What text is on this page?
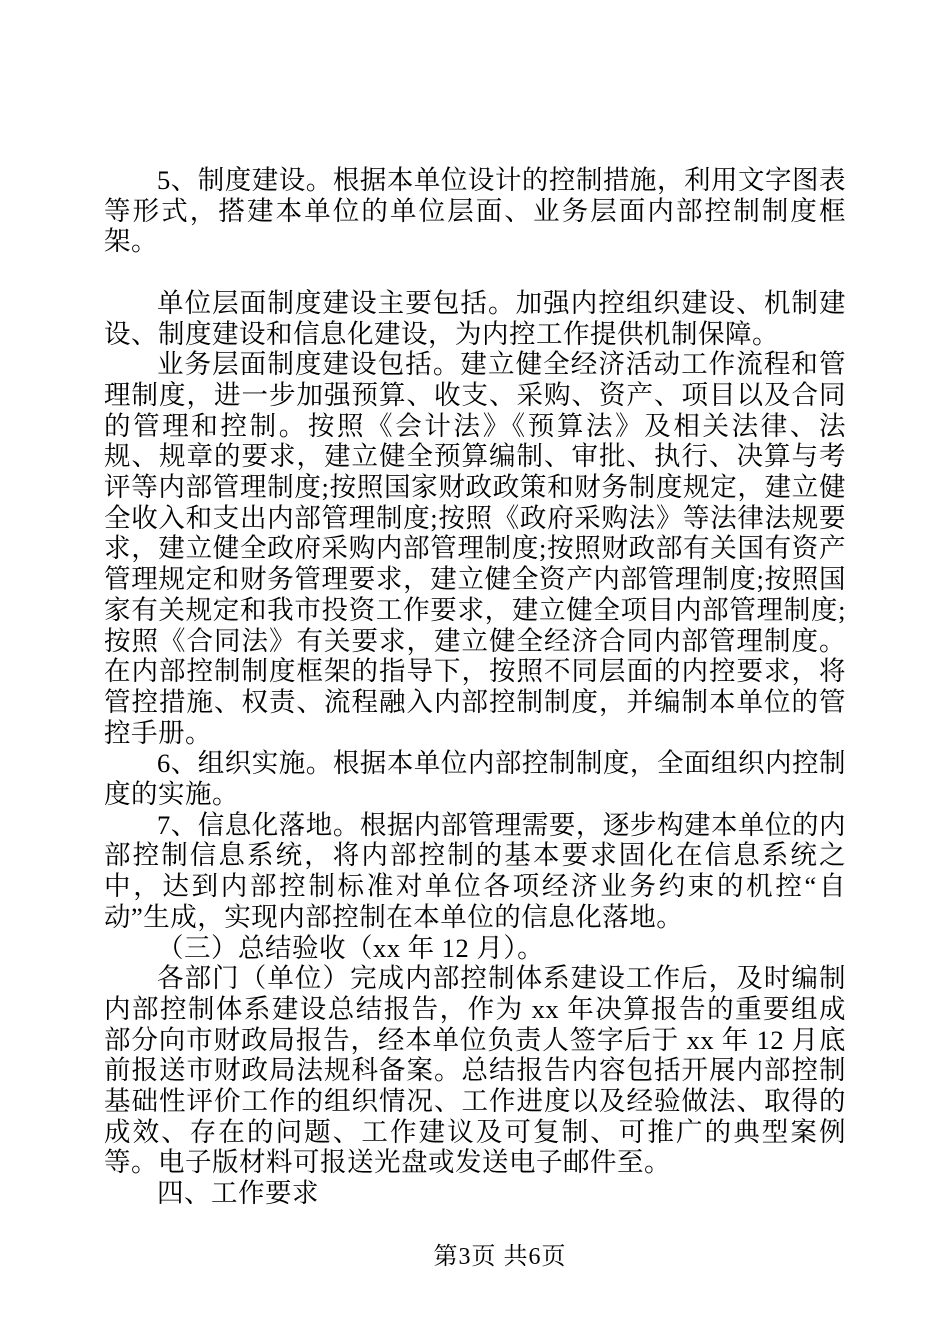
5、制度建设。根据本单位设计的控制措施，利用文字图表等形式，搭建本单位的单位层面、业务层面内部控制制度框架。

单位层面制度建设主要包括。加强内控组织建设、机制建设、制度建设和信息化建设，为内控工作提供机制保障。

业务层面制度建设包括。建立健全经济活动工作流程和管理制度，进一步加强预算、收支、采购、资产、项目以及合同的管理和控制。按照《会计法》《预算法》及相关法律、法规、规章的要求，建立健全预算编制、审批、执行、决算与考评等内部管理制度;按照国家财政政策和财务制度规定，建立健全收入和支出内部管理制度;按照《政府采购法》等法律法规要求，建立健全政府采购内部管理制度;按照财政部有关国有资产管理规定和财务管理要求，建立健全资产内部管理制度;按照国家有关规定和我市投资工作要求，建立健全项目内部管理制度;按照《合同法》有关要求，建立健全经济合同内部管理制度。在内部控制制度框架的指导下，按照不同层面的内控要求，将管控措施、权责、流程融入内部控制制度，并编制本单位的管控手册。

6、组织实施。根据本单位内部控制制度，全面组织内控制度的实施。

7、信息化落地。根据内部管理需要，逐步构建本单位的内部控制信息系统，将内部控制的基本要求固化在信息系统之中，达到内部控制标准对单位各项经济业务约束的机控“自动”生成，实现内部控制在本单位的信息化落地。

（三）总结验收（xx 年 12 月）。

各部门（单位）完成内部控制体系建设工作后，及时编制内部控制体系建设总结报告，作为 xx 年决算报告的重要组成部分向市财政局报告，经本单位负责人签字后于 xx 年 12 月底前报送市财政局法规科备案。总结报告内容包括开展内部控制基础性评价工作的组织情况、工作进度以及经验做法、取得的成效、存在的问题、工作建议及可复制、可推广的典型案例等。电子版材料可报送光盘或发送电子邮件至。

四、工作要求

第3页 共6页
